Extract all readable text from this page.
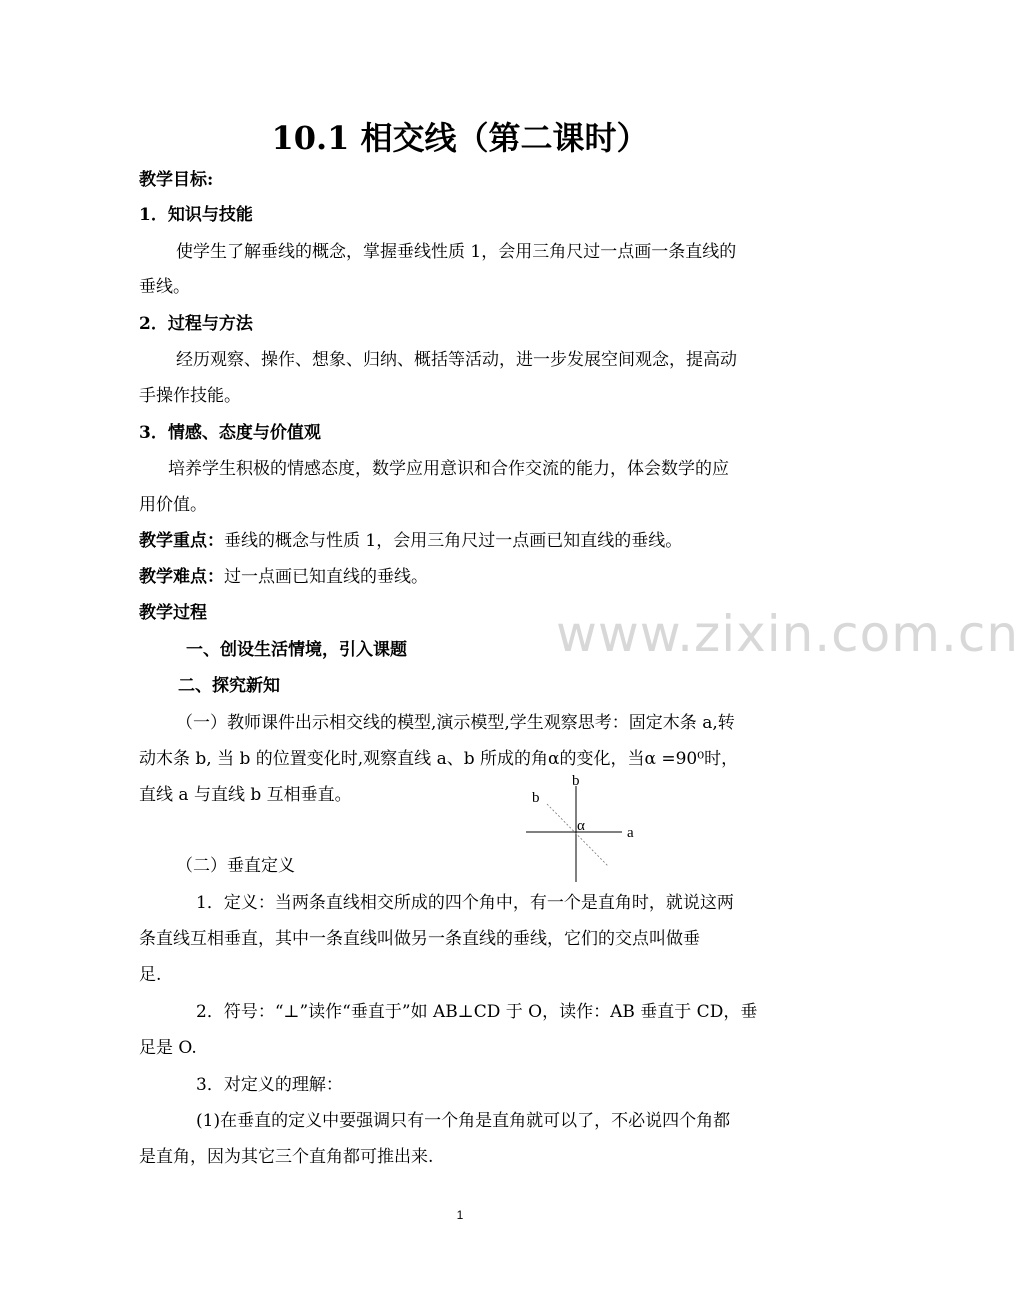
10.1 相交线（第二课时）
教学目标:
1．知识与技能
使学生了解垂线的概念，掌握垂线性质 1，会用三角尺过一点画一条直线的
垂线。
2．过程与方法
经历观察、操作、想象、归纳、概括等活动，进一步发展空间观念，提高动
手操作技能。
3．情感、态度与价值观
培养学生积极的情感态度，数学应用意识和合作交流的能力，体会数学的应
用价值。
教学重点：垂线的概念与性质 1，会用三角尺过一点画已知直线的垂线。
教学难点：过一点画已知直线的垂线。
教学过程	www.zixin.com.cn
一、创设生活情境，引入课题
二、探究新知
（一）教师课件出示相交线的模型,演示模型,学生观察思考：固定木条 a,转
动木条 b, 当 b 的位置变化时,观察直线 a、b 所成的角α的变化，当α =90⁰时，
直线 a 与直线 b 互相垂直。
b
b
α	a
（二）垂直定义
1．定义：当两条直线相交所成的四个角中，有一个是直角时，就说这两
条直线互相垂直，其中一条直线叫做另一条直线的垂线，它们的交点叫做垂
足.
2．符号：“⊥”读作“垂直于”如 AB⊥CD 于 O，读作：AB 垂直于 CD，垂
足是 O.
3．对定义的理解：
(1)在垂直的定义中要强调只有一个角是直角就可以了，不必说四个角都
是直角，因为其它三个直角都可推出来.
1
